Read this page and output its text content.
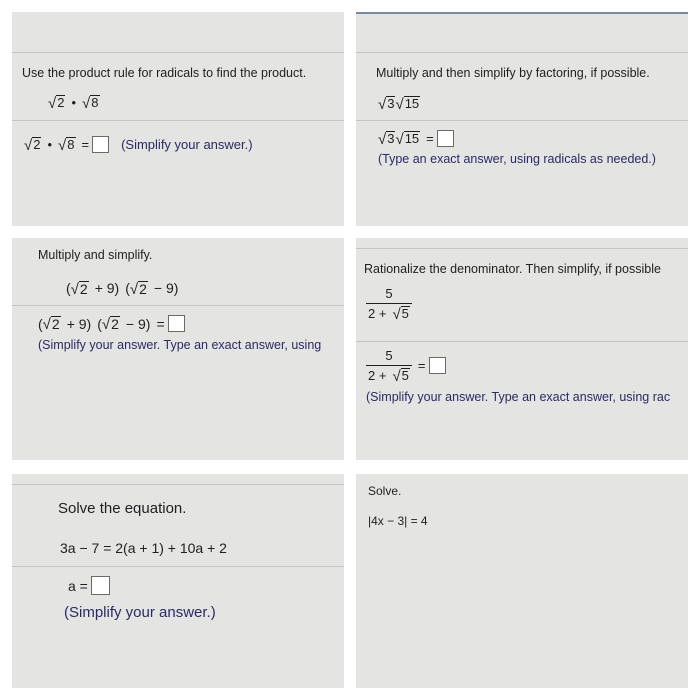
Use the product rule for radicals to find the product.
√ 2 • √ 8
√ 2 • √ 8 = (Simplify your answer.)
Multiply and then simplify by factoring, if possible.
√ 3 √ 15
√ 3 √ 15 =
(Type an exact answer, using radicals as needed.)
Multiply and simplify.
( √ 2 + 9) ( √ 2 − 9)
( √ 2 + 9) ( √ 2 − 9) =
(Simplify your answer. Type an exact answer, using
Rationalize the denominator. Then simplify, if possible
$\frac{5}{2 + √ 5}$
$\frac{5}{2 + √ 5}$ =
(Simplify your answer. Type an exact answer, using rac
Solve the equation.
3a − 7 = 2(a + 1) + 10a + 2
a =
(Simplify your answer.)
Solve.
|4x − 3| = 4
